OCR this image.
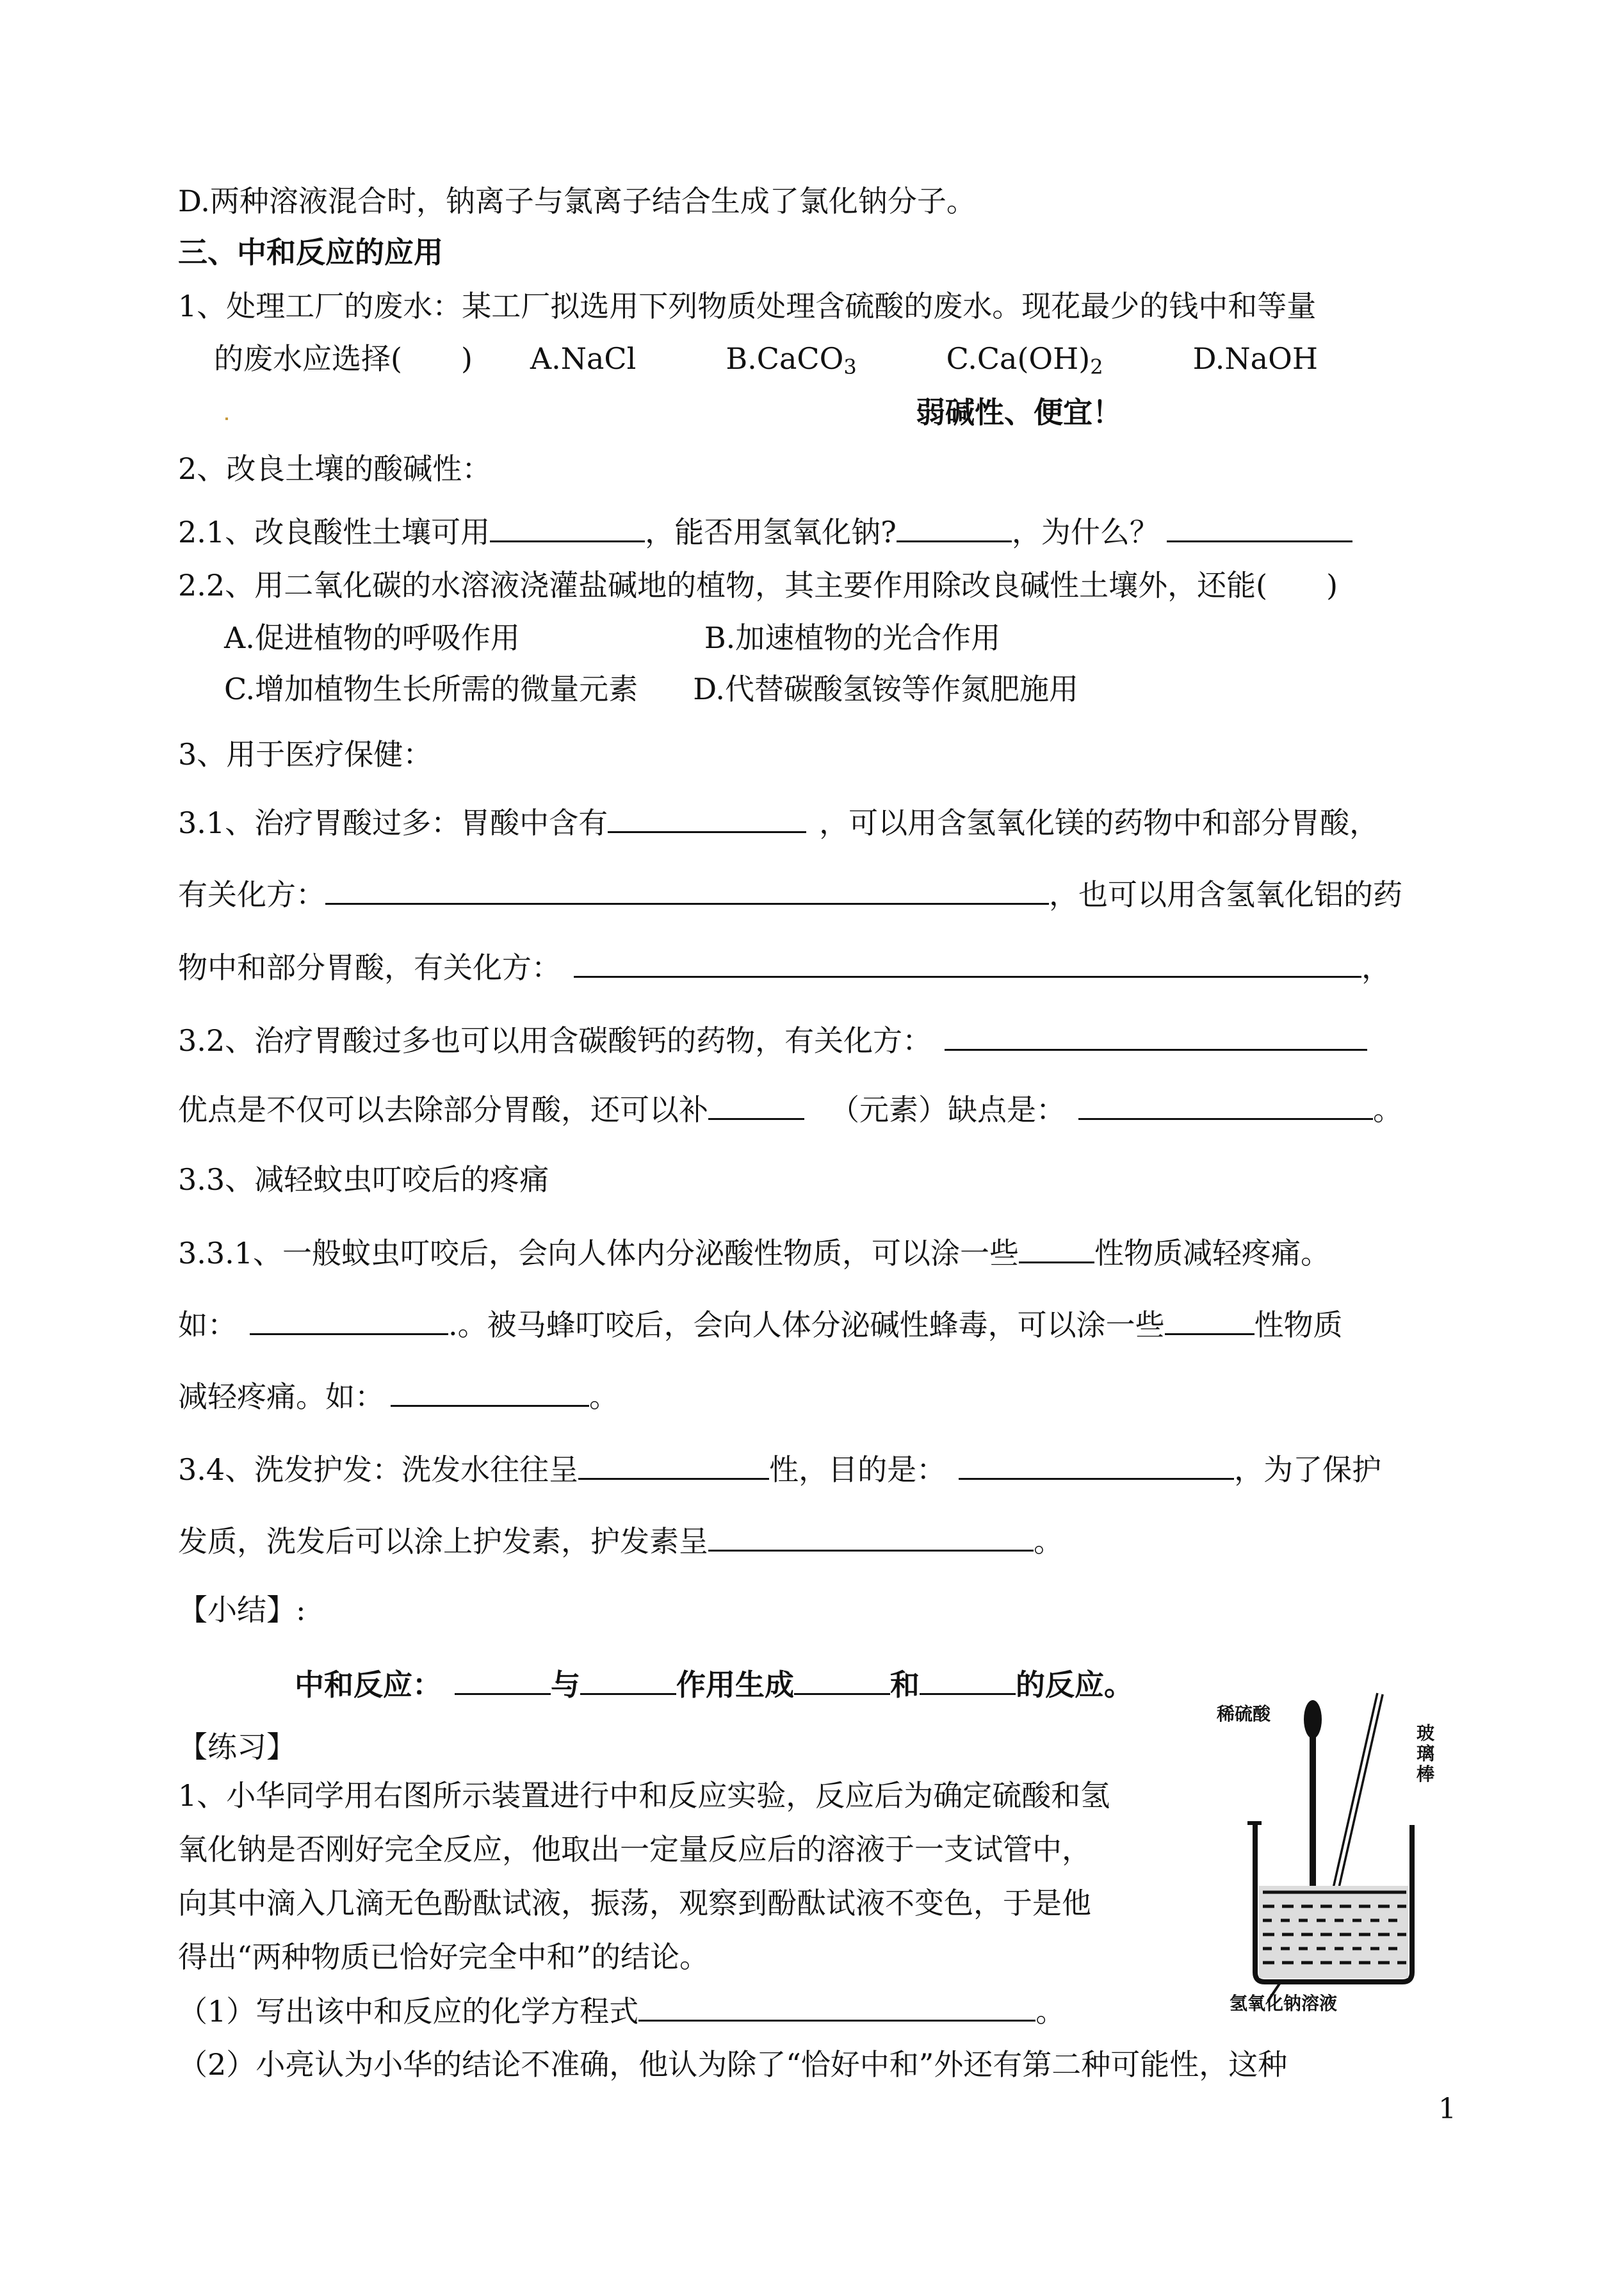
D.两种溶液混合时，钠离子与氯离子结合生成了氯化钠分子。
三、中和反应的应用
1、处理工厂的废水：某工厂拟选用下列物质处理含硫酸的废水。现花最少的钱中和等量
的废水应选择(　　) A.NaCl	B.CaCO$_3$	$C.Ca(OH)_2$	D.NaOH
弱碱性、便宜！
2、改良土壤的酸碱性：
2.1、改良酸性土壤可用	，能否用氢氧化钠?	，为什么？
2.2、用二氧化碳的水溶液浇灌盐碱地的植物，其主要作用除改良碱性土壤外，还能(　　)
A.促进植物的呼吸作用	B.加速植物的光合作用
C.增加植物生长所需的微量元素 D.代替碳酸氢铵等作氮肥施用
3、用于医疗保健：
3.1、治疗胃酸过多：胃酸中含有	，可以用含氢氧化镁的药物中和部分胃酸，
有关化方：	，也可以用含氢氧化铝的药
物中和部分胃酸，有关化方：	，
3.2、治疗胃酸过多也可以用含碳酸钙的药物，有关化方：
优点是不仅可以去除部分胃酸，还可以补	（元素）缺点是：	。
3.3、减轻蚊虫叮咬后的疼痛
3.3.1、一般蚊虫叮咬后，会向人体内分泌酸性物质，可以涂一些	性物质减轻疼痛。
如：	.。被马蜂叮咬后，会向人体分泌碱性蜂毒，可以涂一些	性物质
减轻疼痛。如：	。
3.4、洗发护发：洗发水往往呈	性，目的是：	，为了保护
发质，洗发后可以涂上护发素，护发素呈	。
【小结】:
中和反应：	与	作用生成	和	的反应。
【练习】
1、小华同学用右图所示装置进行中和反应实验，反应后为确定硫酸和氢
氧化钠是否刚好完全反应，他取出一定量反应后的溶液于一支试管中，
向其中滴入几滴无色酚酞试液，振荡，观察到酚酞试液不变色，于是他
得出“两种物质已恰好完全中和”的结论。
（1）写出该中和反应的化学方程式	。
（2）小亮认为小华的结论不准确，他认为除了“恰好中和”外还有第二种可能性，这种
稀硫酸
玻
璃
棒
氢氧化钠溶液
1
